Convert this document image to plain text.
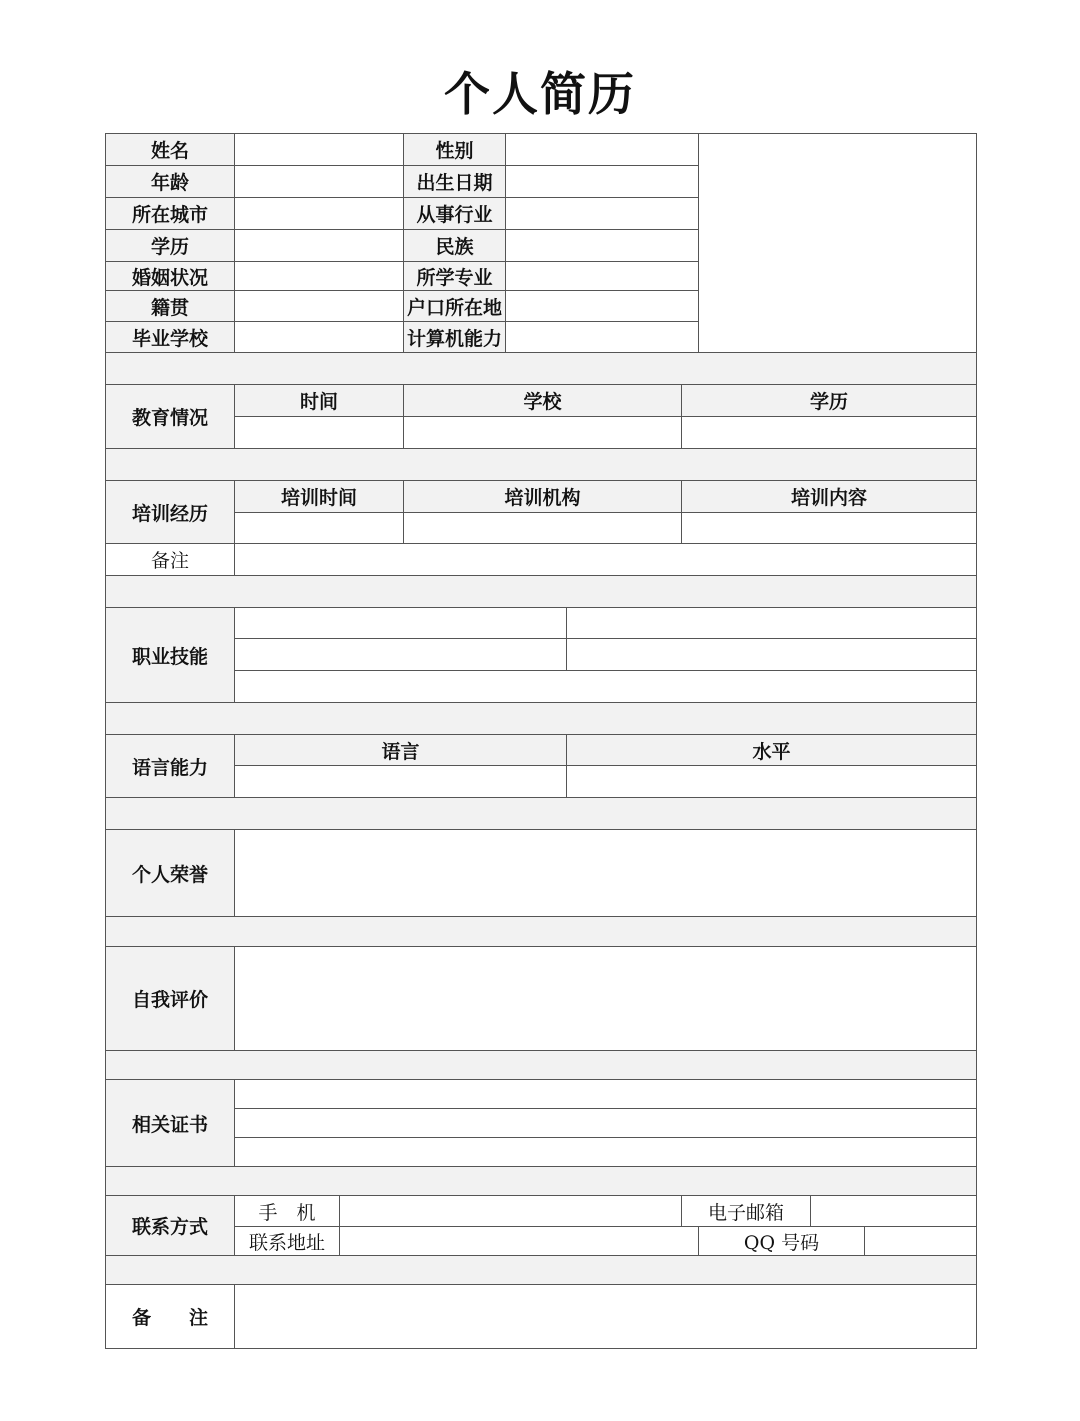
个人简历
姓名			性别						
年龄			出生日期						
所在城市			从事行业						
学历			民族						
婚姻状况			所学专业						
籍贯			户口所在地						
毕业学校			计算机能力						

教育情况	时间		学校			学历			

培训经历	培训时间		培训机构			培训内容			

备注									

职业技能									

语言能力	语言				水平				

个人荣誉									

自我评价									

相关证书									

联系方式	手　机					电子邮箱			
	联系地址						QQ 号码		

备　　注									
